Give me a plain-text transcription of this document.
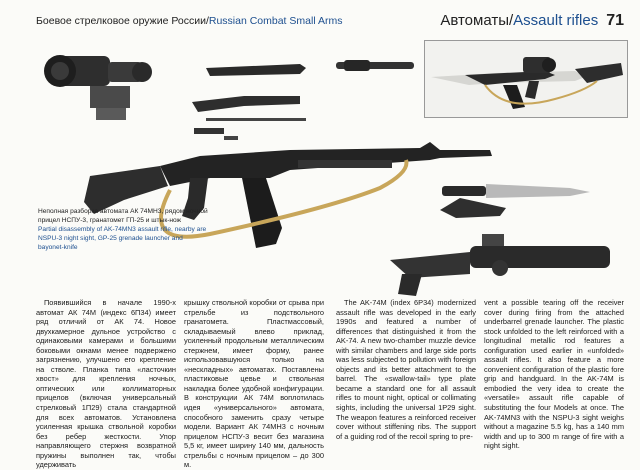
Боевое стрелковое оружие России/Russian Combat Small Arms	Автоматы/Assault rifles 71
Неполная разборка автомата АК 74МН3, рядом ночной прицел НСПУ-3, гранатомет ГП-25 и штык-нож
Partial disassembly of AK-74MN3 assault rifle, nearby are NSPU-3 night sight, GP-25 grenade launcher and bayonet-knife

Появившийся в начале 1990-х автомат АК 74М (индекс 6П34) имеет ряд отличий от АК 74. Новое двухкамерное дульное устройство с одинаковыми камерами и большими боковыми окнами менее подвержено загрязнению, улучшено его крепление на стволе. Планка типа «ласточкин хвост» для крепления ночных, оптических или коллиматорных прицелов (включая универсальный стрелковый 1П29) стала стандартной для всех автоматов. Установлена усиленная крышка ствольной коробки без ребер жесткости. Упор направляющего стержня возвратной пружины выполнен так, чтобы удерживать

крышку ствольной коробки от срыва при стрельбе из подствольного гранатомета. Пластмассовый, складываемый влево приклад, усиленный продольным металлическим стержнем, имеет форму, ранее использовавшуюся только на «нескладных» автоматах. Поставлены пластиковые цевье и ствольная накладка более удобной конфигурации. В конструкции АК 74М воплотилась идея «универсального» автомата, способного заменить сразу четыре модели. Вариант АК 74МН3 с ночным прицелом НСПУ-3 весит без магазина 5,5 кг, имеет ширину 140 мм, дальность стрельбы с ночным прицелом – до 300 м.

The AK-74M (index 6P34) modernized assault rifle was developed in the early 1990s and featured a number of differences that distinguished it from the AK-74. A new two-chamber muzzle device with similar chambers and large side ports was less subjected to pollution with foreign objects and its better attachment to the barrel. The «swallow-tail» type plate became a standard one for all assault rifles to mount night, optical or collimating sights, including the universal 1P29 sight. The weapon features a reinforced receiver cover without stiffening ribs. The support of a guiding rod of the recoil spring to pre-

vent a possible tearing off the receiver cover during firing from the attached underbarrel grenade launcher. The plastic stock unfolded to the left reinforced with a longitudinal metallic rod features a configuration used earlier in «unfolded» assault rifles. It also feature a more convenient configuration of the plastic fore grip and handguard. In the AK-74M is embodied the very idea to create the «versatile» assault rifle capable of substituting the four Models at once. The AK-74MN3 with the NSPU-3 sight weighs without a magazine 5.5 kg, has a 140 mm width and up to 300 m range of fire with a night sight.
